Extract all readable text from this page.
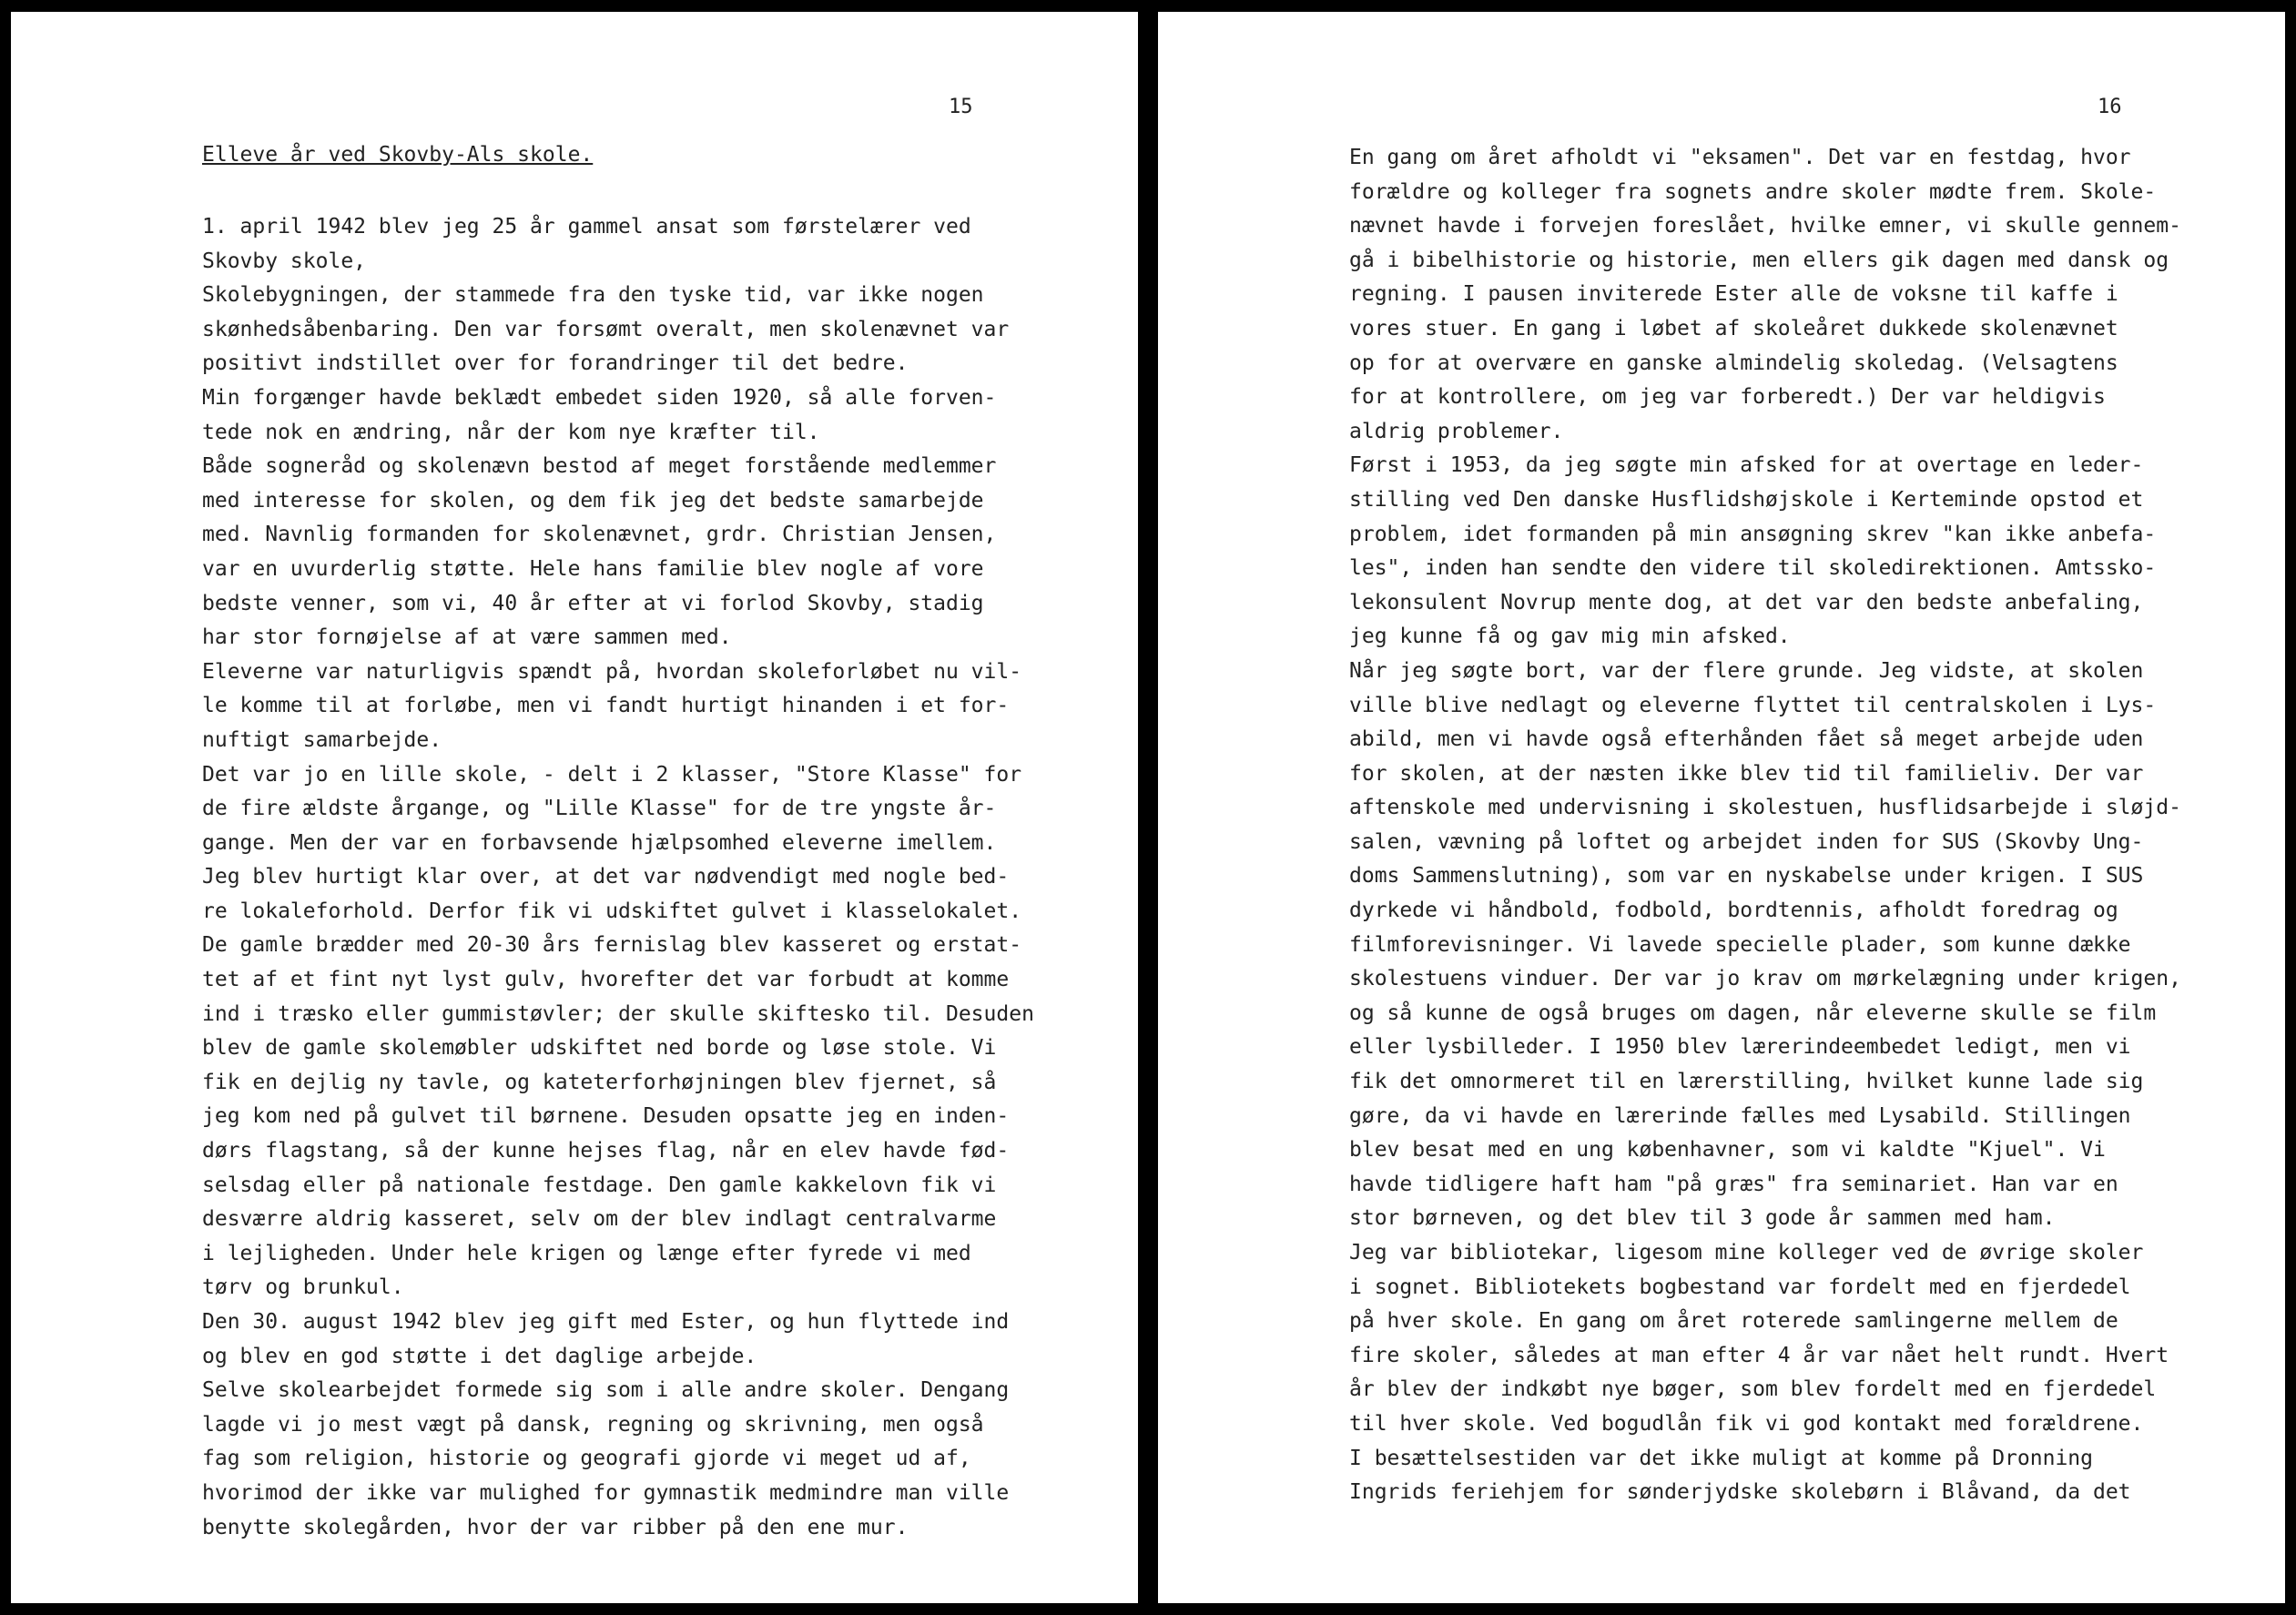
15
Elleve år ved Skovby-Als skole.
1. april 1942 blev jeg 25 år gammel ansat som førstelærer ved
Skovby skole,
Skolebygningen, der stammede fra den tyske tid, var ikke nogen
skønhedsåbenbaring. Den var forsømt overalt, men skolenævnet var
positivt indstillet over for forandringer til det bedre.
Min forgænger havde beklædt embedet siden 1920, så alle forven-
tede nok en ændring, når der kom nye kræfter til.
Både sogneråd og skolenævn bestod af meget forstående medlemmer
med interesse for skolen, og dem fik jeg det bedste samarbejde
med. Navnlig formanden for skolenævnet, grdr. Christian Jensen,
var en uvurderlig støtte. Hele hans familie blev nogle af vore
bedste venner, som vi, 40 år efter at vi forlod Skovby, stadig
har stor fornøjelse af at være sammen med.
Eleverne var naturligvis spændt på, hvordan skoleforløbet nu vil-
le komme til at forløbe, men vi fandt hurtigt hinanden i et for-
nuftigt samarbejde.
Det var jo en lille skole, - delt i 2 klasser, "Store Klasse" for
de fire ældste årgange, og "Lille Klasse" for de tre yngste år-
gange. Men der var en forbavsende hjælpsomhed eleverne imellem.
Jeg blev hurtigt klar over, at det var nødvendigt med nogle bed-
re lokaleforhold. Derfor fik vi udskiftet gulvet i klasselokalet.
De gamle brædder med 20-30 års fernislag blev kasseret og erstat-
tet af et fint nyt lyst gulv, hvorefter det var forbudt at komme
ind i træsko eller gummistøvler; der skulle skiftesko til. Desuden
blev de gamle skolemøbler udskiftet ned borde og løse stole. Vi
fik en dejlig ny tavle, og kateterforhøjningen blev fjernet, så
jeg kom ned på gulvet til børnene. Desuden opsatte jeg en inden-
dørs flagstang, så der kunne hejses flag, når en elev havde fød-
selsdag eller på nationale festdage. Den gamle kakkelovn fik vi
desværre aldrig kasseret, selv om der blev indlagt centralvarme
i lejligheden. Under hele krigen og længe efter fyrede vi med
tørv og brunkul.
Den 30. august 1942 blev jeg gift med Ester, og hun flyttede ind
og blev en god støtte i det daglige arbejde.
Selve skolearbejdet formede sig som i alle andre skoler. Dengang
lagde vi jo mest vægt på dansk, regning og skrivning, men også
fag som religion, historie og geografi gjorde vi meget ud af,
hvorimod der ikke var mulighed for gymnastik medmindre man ville
benytte skolegården, hvor der var ribber på den ene mur.
16
En gang om året afholdt vi "eksamen". Det var en festdag, hvor
forældre og kolleger fra sognets andre skoler mødte frem. Skole-
nævnet havde i forvejen foreslået, hvilke emner, vi skulle gennem-
gå i bibelhistorie og historie, men ellers gik dagen med dansk og
regning. I pausen inviterede Ester alle de voksne til kaffe i
vores stuer. En gang i løbet af skoleåret dukkede skolenævnet
op for at overvære en ganske almindelig skoledag. (Velsagtens
for at kontrollere, om jeg var forberedt.) Der var heldigvis
aldrig problemer.
Først i 1953, da jeg søgte min afsked for at overtage en leder-
stilling ved Den danske Husflidshøjskole i Kerteminde opstod et
problem, idet formanden på min ansøgning skrev "kan ikke anbefa-
les", inden han sendte den videre til skoledirektionen. Amtssko-
lekonsulent Novrup mente dog, at det var den bedste anbefaling,
jeg kunne få og gav mig min afsked.
Når jeg søgte bort, var der flere grunde. Jeg vidste, at skolen
ville blive nedlagt og eleverne flyttet til centralskolen i Lys-
abild, men vi havde også efterhånden fået så meget arbejde uden
for skolen, at der næsten ikke blev tid til familieliv. Der var
aftenskole med undervisning i skolestuen, husflidsarbejde i sløjd-
salen, vævning på loftet og arbejdet inden for SUS (Skovby Ung-
doms Sammenslutning), som var en nyskabelse under krigen. I SUS
dyrkede vi håndbold, fodbold, bordtennis, afholdt foredrag og
filmforevisninger. Vi lavede specielle plader, som kunne dække
skolestuens vinduer. Der var jo krav om mørkelægning under krigen,
og så kunne de også bruges om dagen, når eleverne skulle se film
eller lysbilleder. I 1950 blev lærerindeembedet ledigt, men vi
fik det omnormeret til en lærerstilling, hvilket kunne lade sig
gøre, da vi havde en lærerinde fælles med Lysabild. Stillingen
blev besat med en ung københavner, som vi kaldte "Kjuel". Vi
havde tidligere haft ham "på græs" fra seminariet. Han var en
stor børneven, og det blev til 3 gode år sammen med ham.
Jeg var bibliotekar, ligesom mine kolleger ved de øvrige skoler
i sognet. Bibliotekets bogbestand var fordelt med en fjerdedel
på hver skole. En gang om året roterede samlingerne mellem de
fire skoler, således at man efter 4 år var nået helt rundt. Hvert
år blev der indkøbt nye bøger, som blev fordelt med en fjerdedel
til hver skole. Ved bogudlån fik vi god kontakt med forældrene.
I besættelsestiden var det ikke muligt at komme på Dronning
Ingrids feriehjem for sønderjydske skolebørn i Blåvand, da det
